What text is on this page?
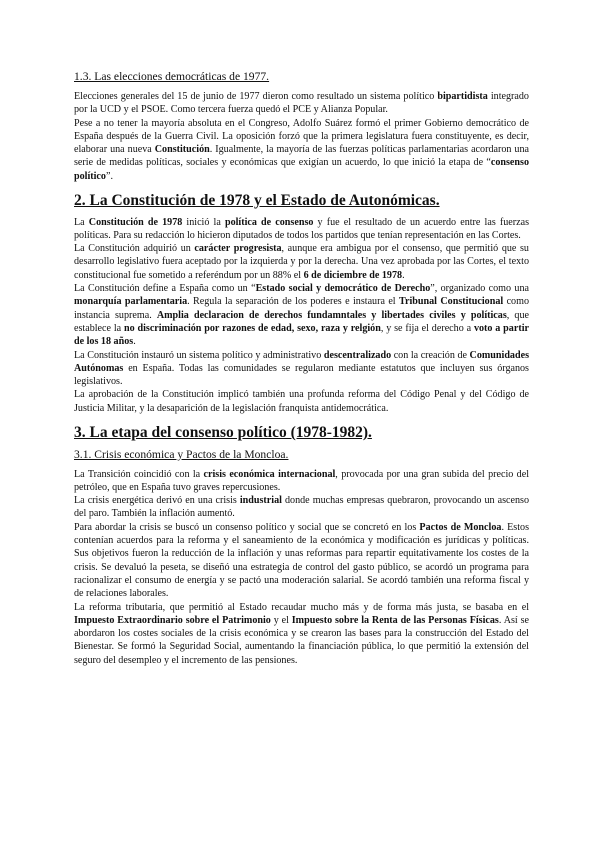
1.3. Las elecciones democráticas de 1977.

Elecciones generales del 15 de junio de 1977 dieron como resultado un sistema político bipartidista integrado por la UCD y el PSOE. Como tercera fuerza quedó el PCE y Alianza Popular.

Pese a no tener la mayoría absoluta en el Congreso, Adolfo Suárez formó el primer Gobierno democrático de España después de la Guerra Civil. La oposición forzó que la primera legislatura fuera constituyente, es decir, elaborar una nueva Constitución. Igualmente, la mayoría de las fuerzas políticas parlamentarias acordaron una serie de medidas políticas, sociales y económicas que exigían un acuerdo, lo que inició la etapa de “consenso político”.

2. La Constitución de 1978 y el Estado de Autonómicas.

La Constitución de 1978 inició la política de consenso y fue el resultado de un acuerdo entre las fuerzas políticas. Para su redacción lo hicieron diputados de todos los partidos que tenían representación en las Cortes.

La Constitución adquirió un carácter progresista, aunque era ambigua por el consenso, que permitió que su desarrollo legislativo fuera aceptado por la izquierda y por la derecha. Una vez aprobada por las Cortes, el texto constitucional fue sometido a referéndum por un 88% el 6 de diciembre de 1978.

La Constitución define a España como un “Estado social y democrático de Derecho”, organizado como una monarquía parlamentaria. Regula la separación de los poderes e instaura el Tribunal Constitucional como instancia suprema. Amplia declaracion de derechos fundamntales y libertades civiles y políticas, que establece la no discriminación por razones de edad, sexo, raza y relgión, y se fija el derecho a voto a partir de los 18 años.

La Constitución instauró un sistema político y administrativo descentralizado con la creación de Comunidades Autónomas en España. Todas las comunidades se regularon mediante estatutos que incluyen sus órganos legislativos.

La aprobación de la Constitución implicó también una profunda reforma del Código Penal y del Código de Justicia Militar, y la desaparición de la legislación franquista antidemocrática.

3. La etapa del consenso político (1978-1982).
3.1. Crisis económica y Pactos de la Moncloa.

La Transición coincidió con la crisis económica internacional, provocada por una gran subida del precio del petróleo, que en España tuvo graves repercusiones.

La crisis energética derivó en una crisis industrial donde muchas empresas quebraron, provocando un ascenso del paro. También la inflación aumentó.

Para abordar la crisis se buscó un consenso político y social que se concretó en los Pactos de Moncloa. Estos contenían acuerdos para la reforma y el saneamiento de la económica y modificación es jurídicas y políticas. Sus objetivos fueron la reducción de la inflación y unas reformas para repartir equitativamente los costes de la crisis. Se devaluó la peseta, se diseñó una estrategia de control del gasto público, se acordó un programa para racionalizar el consumo de energía y se pactó una moderación salarial. Se acordó también una reforma fiscal y de relaciones laborales.

La reforma tributaria, que permitió al Estado recaudar mucho más y de forma más justa, se basaba en el Impuesto Extraordinario sobre el Patrimonio y el Impuesto sobre la Renta de las Personas Físicas. Así se abordaron los costes sociales de la crisis económica y se crearon las bases para la construcción del Estado del Bienestar. Se formó la Seguridad Social, aumentando la financiación pública, lo que permitió la extensión del seguro del desempleo y el incremento de las pensiones.
